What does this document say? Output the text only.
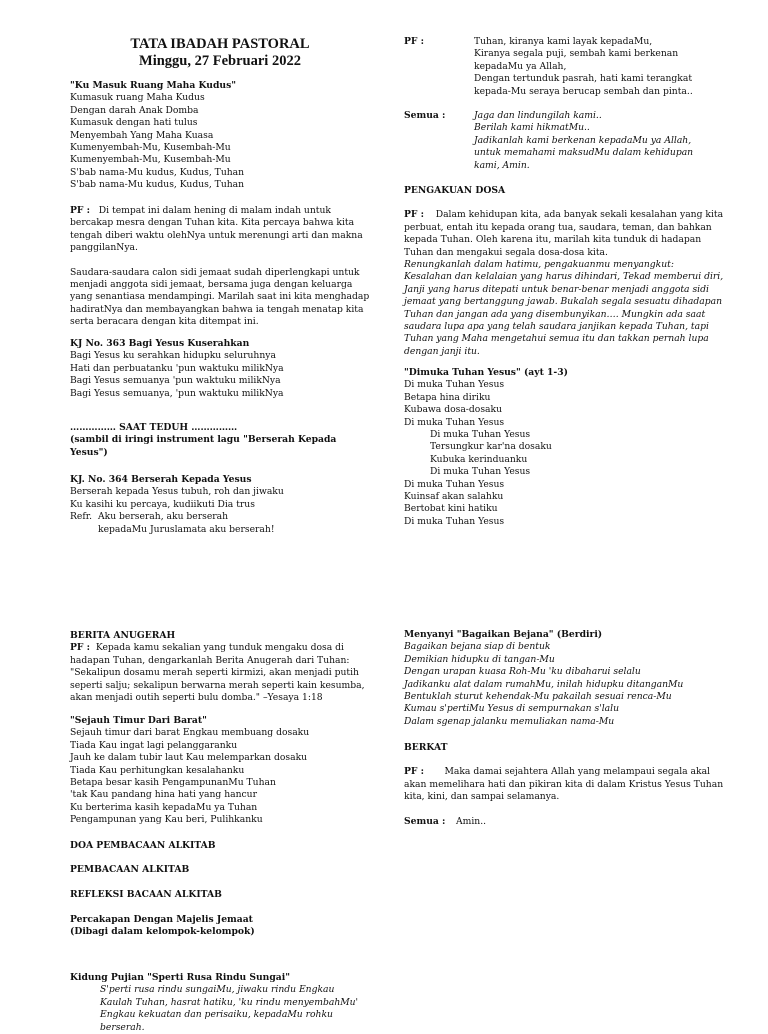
TATA IBADAH PASTORAL
Minggu, 27 Februari 2022
"Ku Masuk Ruang Maha Kudus"
Kumasuk ruang Maha Kudus
Dengan darah Anak Domba
Kumasuk dengan hati tulus
Menyembah Yang Maha Kuasa
Kumenyembah-Mu, Kusembah-Mu
Kumenyembah-Mu, Kusembah-Mu
S'bab nama-Mu kudus, Kudus, Tuhan
S'bab nama-Mu kudus, Kudus, Tuhan
PF : Di tempat ini dalam hening di malam indah untuk bercakap mesra dengan Tuhan kita. Kita percaya bahwa kita tengah diberi waktu olehNya untuk merenungi arti dan makna panggilanNya.
Saudara-saudara calon sidi jemaat sudah diperlengkapi untuk menjadi anggota sidi jemaat, bersama juga dengan keluarga yang senantiasa mendampingi. Marilah saat ini kita menghadap hadiratNya dan membayangkan bahwa ia tengah menatap kita serta beracara dengan kita ditempat ini.
KJ No. 363 Bagi Yesus Kuserahkan
Bagi Yesus ku serahkan hidupku seluruhnya
Hati dan perbuatanku 'pun waktuku milikNya
Bagi Yesus semuanya 'pun waktuku milikNya
Bagi Yesus semuanya, 'pun waktuku milikNya
…………… SAAT TEDUH ……………
(sambil di iringi instrument lagu "Berserah Kepada Yesus")
KJ. No. 364 Berserah Kepada Yesus
Berserah kepada Yesus tubuh, roh dan jiwaku
Ku kasihi ku percaya, kudiikuti Dia trus
Refr. Aku berserah, aku berserah
kepadaMu Juruslamata aku berserah!
BERITA ANUGERAH
PF : Kepada kamu sekalian yang tunduk mengaku dosa di hadapan Tuhan, dengarkanlah Berita Anugerah dari Tuhan: "Sekalipun dosamu merah seperti kirmizi, akan menjadi putih seperti salju; sekalipun berwarna merah seperti kain kesumba, akan menjadi outih seperti bulu domba." –Yesaya 1:18
"Sejauh Timur Dari Barat"
Sejauh timur dari barat Engkau membuang dosaku
Tiada Kau ingat lagi pelanggaranku
Jauh ke dalam tubir laut Kau melemparkan dosaku
Tiada Kau perhitungkan kesalahanku
Betapa besar kasih PengampunanMu Tuhan
'tak Kau pandang hina hati yang hancur
Ku berterima kasih kepadaMu ya Tuhan
Pengampunan yang Kau beri, Pulihkanku
DOA PEMBACAAN ALKITAB
PEMBACAAN ALKITAB
REFLEKSI BACAAN ALKITAB
Percakapan Dengan Majelis Jemaat
(Dibagi dalam kelompok-kelompok)
Kidung Pujian "Sperti Rusa Rindu Sungai"
S'perti rusa rindu sungaiMu, jiwaku rindu Engkau
Kaulah Tuhan, hasrat hatiku, 'ku rindu menyembahMu'
Engkau kekuatan dan perisaiku, kepadaMu rohku berserah.
PF :	Tuhan, kiranya kami layak kepadaMu,
Kiranya segala puji, sembah kami berkenan
kepadaMu ya Allah,
Dengan tertunduk pasrah, hati kami terangkat
kepada-Mu seraya berucap sembah dan pinta..
Semua :	Jaga dan lindungilah kami..
Berilah kami hikmatMu..
Jadikanlah kami berkenan kepadaMu ya Allah,
untuk memahami maksudMu dalam kehidupan
kami, Amin.
PENGAKUAN DOSA
PF : Dalam kehidupan kita, ada banyak sekali kesalahan yang kita perbuat, entah itu kepada orang tua, saudara, teman, dan bahkan kepada Tuhan. Oleh karena itu, marilah kita tunduk di hadapan Tuhan dan mengakui segala dosa-dosa kita.
Renungkanlah dalam hatimu, pengakuanmu menyangkut: Kesalahan dan kelalaian yang harus dihindari, Tekad memberui diri, Janji yang harus ditepati untuk benar-benar menjadi anggota sidi jemaat yang bertanggung jawab. Bukalah segala sesuatu dihadapan Tuhan dan jangan ada yang disembunyikan…. Mungkin ada saat saudara lupa apa yang telah saudara janjikan kepada Tuhan, tapi Tuhan yang Maha mengetahui semua itu dan takkan pernah lupa dengan janji itu.
"Dimuka Tuhan Yesus" (ayt 1-3)
Di muka Tuhan Yesus
Betapa hina diriku
Kubawa dosa-dosaku
Di muka Tuhan Yesus
Di muka Tuhan Yesus
Tersungkur kar'na dosaku
Kubuka kerinduanku
Di muka Tuhan Yesus
Di muka Tuhan Yesus
Kuinsaf akan salahku
Bertobat kini hatiku
Di muka Tuhan Yesus
Menyanyi "Bagaikan Bejana" (Berdiri)
Bagaikan bejana siap di bentuk
Demikian hidupku di tangan-Mu
Dengan urapan kuasa Roh-Mu 'ku dibaharui selalu
Jadikanku alat dalam rumahMu, inilah hidupku ditanganMu
Bentuklah sturut kehendak-Mu pakailah sesuai renca-Mu
Kumau s'pertiMu Yesus di sempurnakan s'lalu
Dalam sgenap jalanku memuliakan nama-Mu
BERKAT
PF : Maka damai sejahtera Allah yang melampaui segala akal akan memelihara hati dan pikiran kita di dalam Kristus Yesus Tuhan kita, kini, dan sampai selamanya.
Semua :	Amin..
